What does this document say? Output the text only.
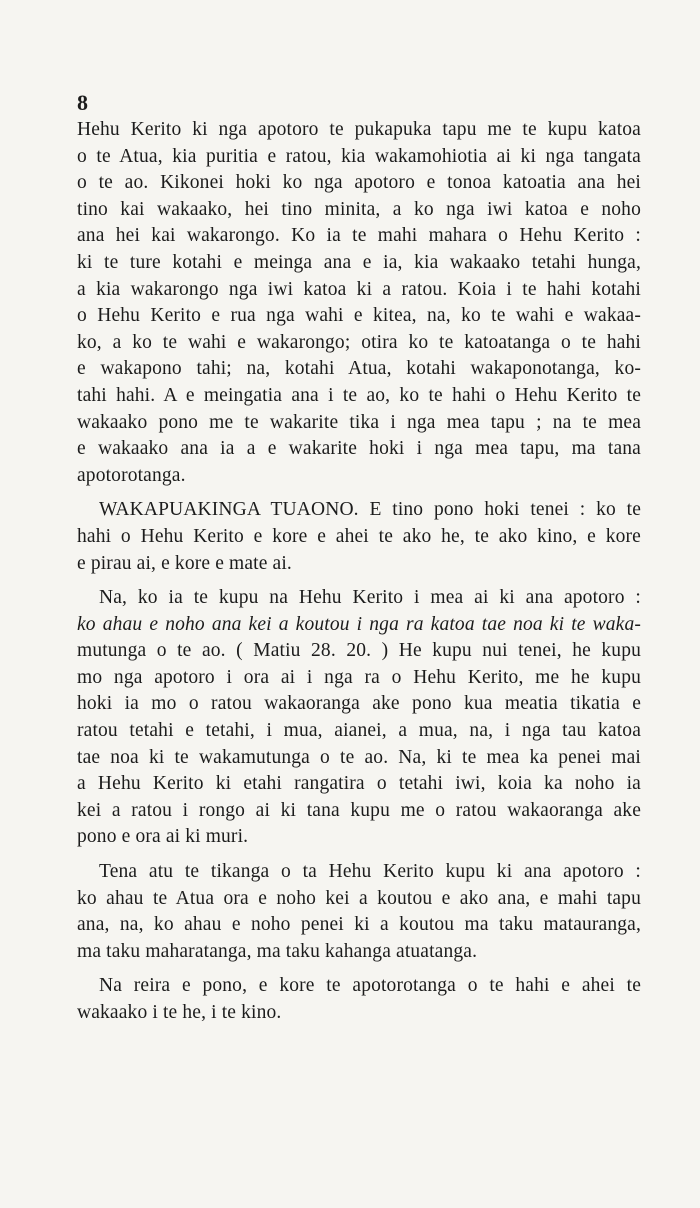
8
Hehu Kerito ki nga apotoro te pukapuka tapu me te kupu katoa
o te Atua, kia puritia e ratou, kia wakamohiotia ai ki nga tangata
o te ao. Kikonei hoki ko nga apotoro e tonoa katoatia ana hei
tino kai wakaako, hei tino minita, a ko nga iwi katoa e noho
ana hei kai wakarongo. Ko ia te mahi mahara o Hehu Kerito :
ki te ture kotahi e meinga ana e ia, kia wakaako tetahi hunga,
a kia wakarongo nga iwi katoa ki a ratou. Koia i te hahi kotahi
o Hehu Kerito e rua nga wahi e kitea, na, ko te wahi e wakaa-
ko, a ko te wahi e wakarongo; otira ko te katoatanga o te hahi
e wakapono tahi; na, kotahi Atua, kotahi wakaponotanga, ko-
tahi hahi. A e meingatia ana i te ao, ko te hahi o Hehu Kerito te
wakaako pono me te wakarite tika i nga mea tapu ; na te mea
e wakaako ana ia a e wakarite hoki i nga mea tapu, ma tana
apotorotanga.
WAKAPUAKINGA TUAONO. E tino pono hoki tenei : ko te
hahi o Hehu Kerito e kore e ahei te ako he, te ako kino, e kore
e pirau ai, e kore e mate ai.
Na, ko ia te kupu na Hehu Kerito i mea ai ki ana apotoro :
ko ahau e noho ana kei a koutou i nga ra katoa tae noa ki te waka-
mutunga o te ao. ( Matiu 28. 20. ) He kupu nui tenei, he kupu
mo nga apotoro i ora ai i nga ra o Hehu Kerito, me he kupu
hoki ia mo o ratou wakaoranga ake pono kua meatia tikatia e
ratou tetahi e tetahi, i mua, aianei, a mua, na, i nga tau katoa
tae noa ki te wakamutunga o te ao. Na, ki te mea ka penei mai
a Hehu Kerito ki etahi rangatira o tetahi iwi, koia ka noho ia
kei a ratou i rongo ai ki tana kupu me o ratou wakaoranga ake
pono e ora ai ki muri.
Tena atu te tikanga o ta Hehu Kerito kupu ki ana apotoro :
ko ahau te Atua ora e noho kei a koutou e ako ana, e mahi tapu
ana, na, ko ahau e noho penei ki a koutou ma taku matauranga,
ma taku maharatanga, ma taku kahanga atuatanga.
Na reira e pono, e kore te apotorotanga o te hahi e ahei te
wakaako i te he, i te kino.
